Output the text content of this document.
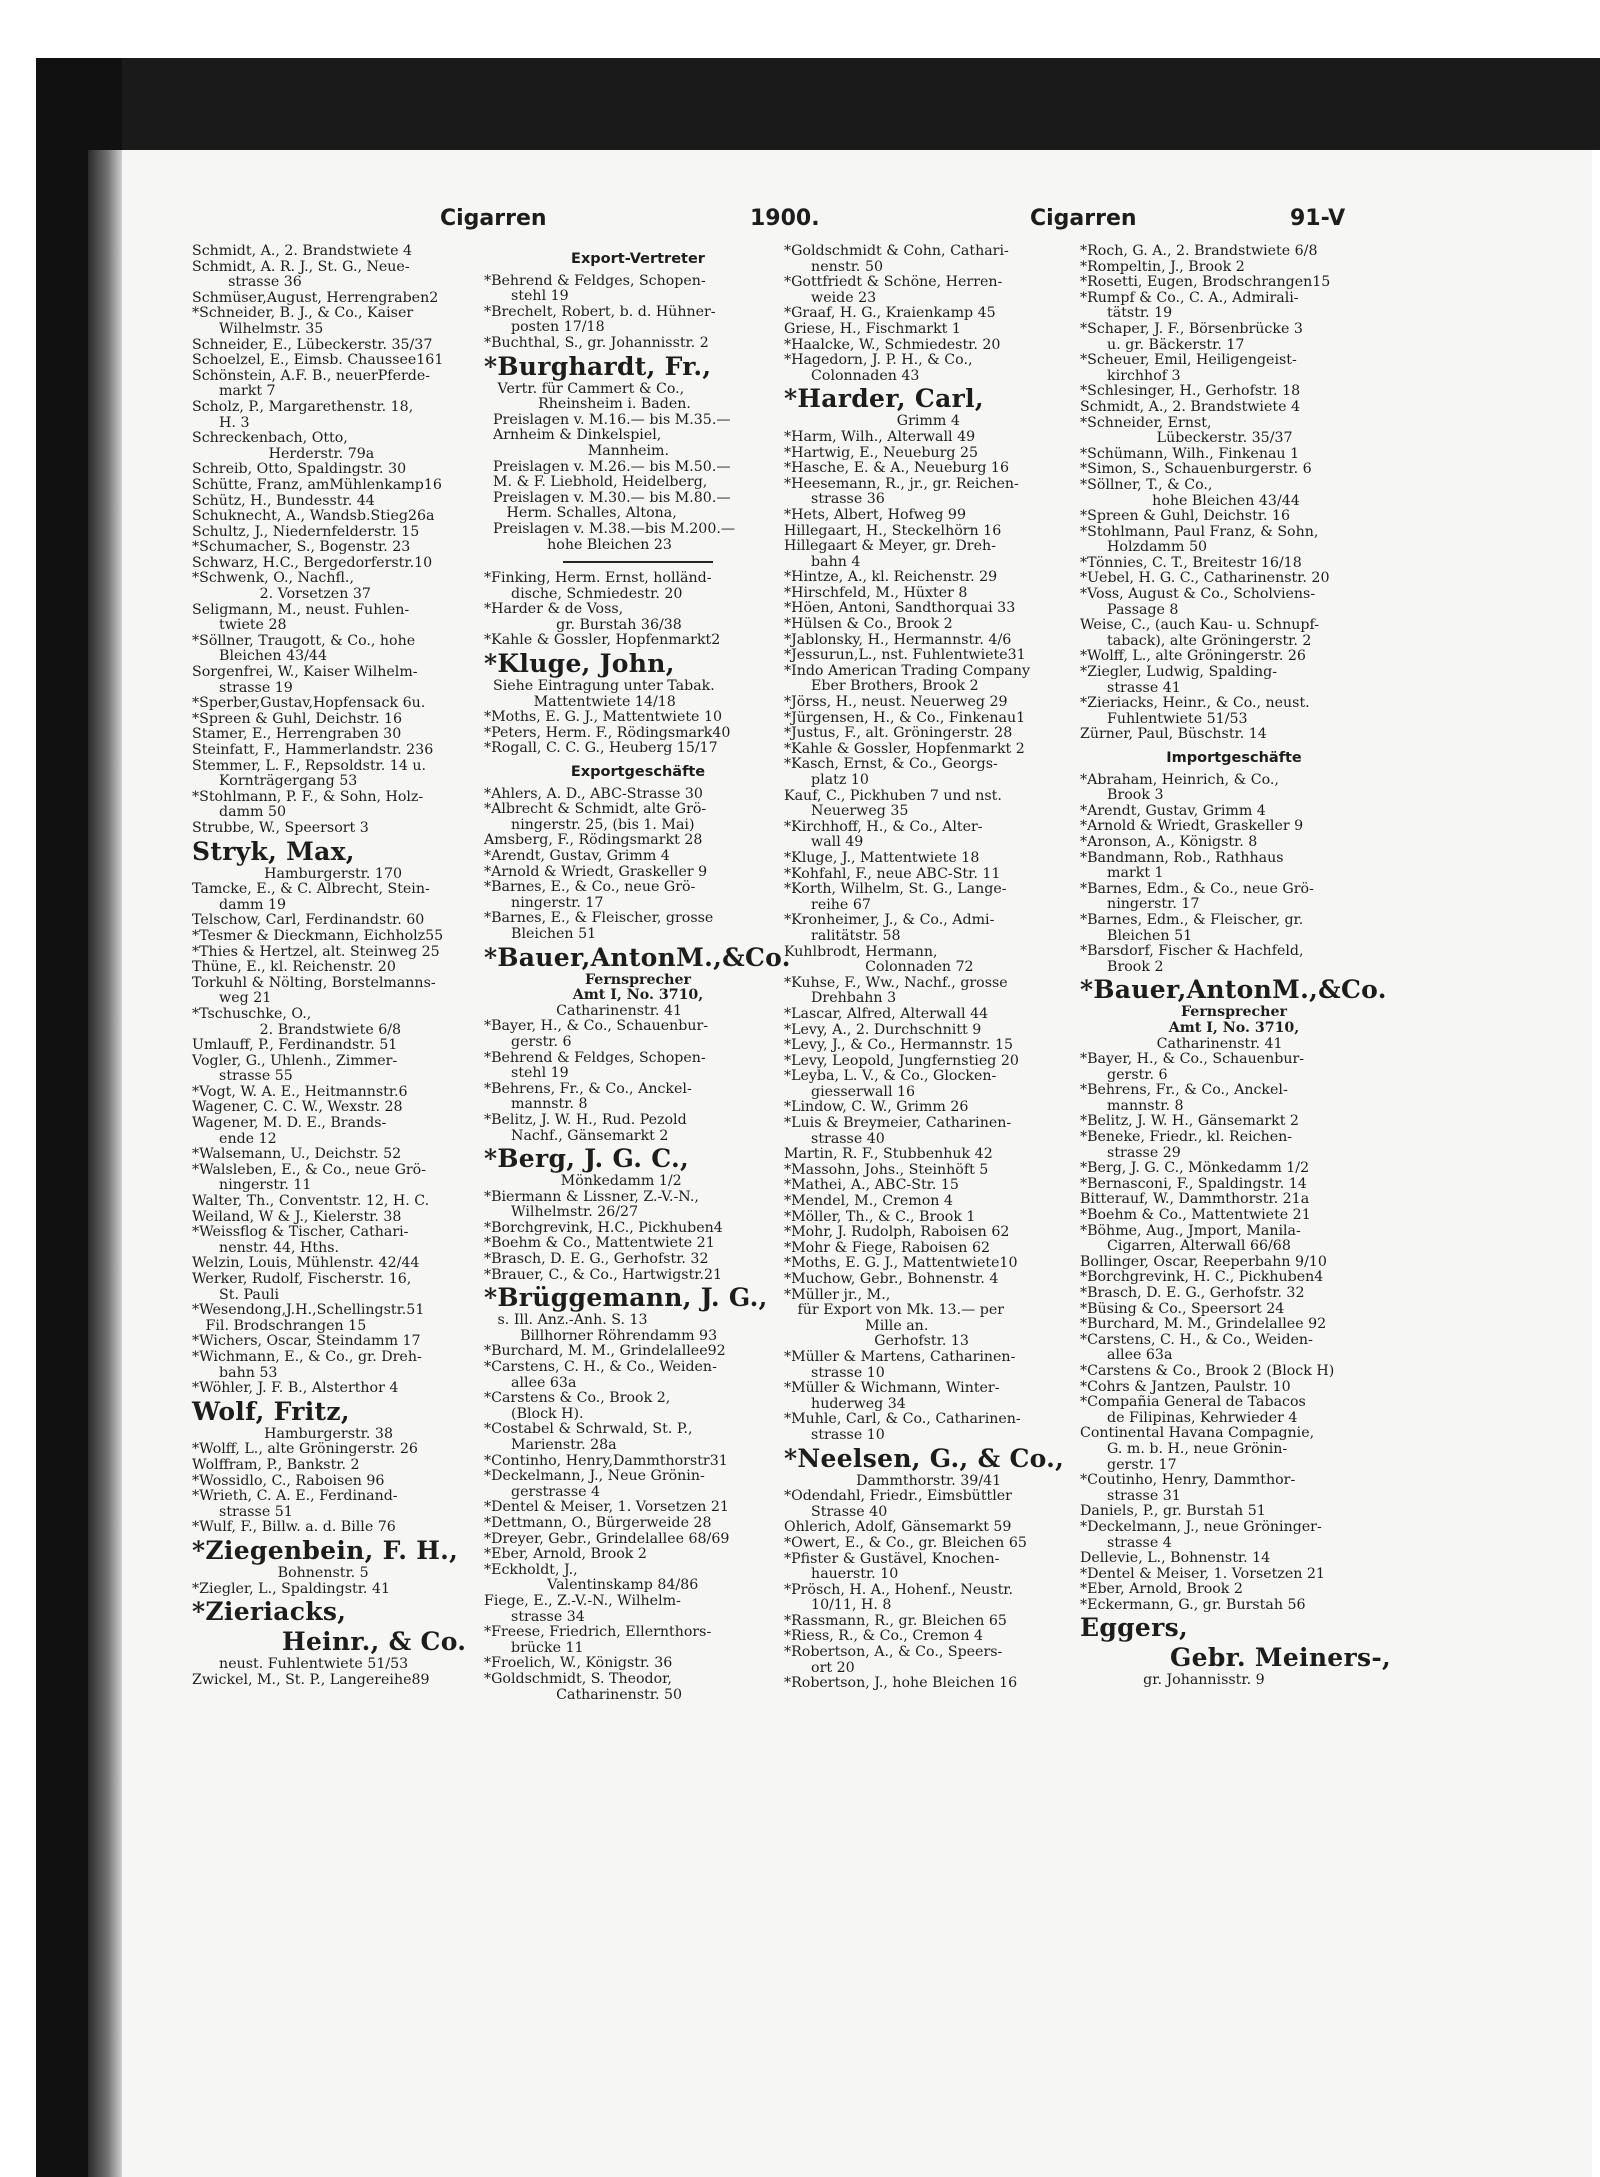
Cigarren	1900.	Cigarren	91-V
Schmidt, A., 2. Brandstwiete 4
Schmidt, A. R. J., St. G., Neue-
strasse 36
Schmüser,August, Herrengraben2
*Schneider, B. J., & Co., Kaiser
Wilhelmstr. 35
Schneider, E., Lübeckerstr. 35/37
Schoelzel, E., Eimsb. Chaussee161
Schönstein, A.F. B., neuerPferde-
markt 7
Scholz, P., Margarethenstr. 18,
H. 3
Schreckenbach, Otto,
Herderstr. 79a
Schreib, Otto, Spaldingstr. 30
Schütte, Franz, amMühlenkamp16
Schütz, H., Bundesstr. 44
Schuknecht, A., Wandsb.Stieg26a
Schultz, J., Niedernfelderstr. 15
*Schumacher, S., Bogenstr. 23
Schwarz, H.C., Bergedorferstr.10
*Schwenk, O., Nachfl.,
2. Vorsetzen 37
Seligmann, M., neust. Fuhlen-
twiete 28
*Söllner, Traugott, & Co., hohe
Bleichen 43/44
Sorgenfrei, W., Kaiser Wilhelm-
strasse 19
*Sperber,Gustav,Hopfensack 6u.
*Spreen & Guhl, Deichstr. 16
Stamer, E., Herrengraben 30
Steinfatt, F., Hammerlandstr. 236
Stemmer, L. F., Repsoldstr. 14 u.
Kornträgergang 53
*Stohlmann, P. F., & Sohn, Holz-
damm 50
Strubbe, W., Speersort 3
Stryk, Max,
Hamburgerstr. 170
Tamcke, E., & C. Albrecht, Stein-
damm 19
Telschow, Carl, Ferdinandstr. 60
*Tesmer & Dieckmann, Eichholz55
*Thies & Hertzel, alt. Steinweg 25
Thüne, E., kl. Reichenstr. 20
Torkuhl & Nölting, Borstelmanns-
weg 21
*Tschuschke, O.,
2. Brandstwiete 6/8
Umlauff, P., Ferdinandstr. 51
Vogler, G., Uhlenh., Zimmer-
strasse 55
*Vogt, W. A. E., Heitmannstr.6
Wagener, C. C. W., Wexstr. 28
Wagener, M. D. E., Brands-
ende 12
*Walsemann, U., Deichstr. 52
*Walsleben, E., & Co., neue Grö-
ningerstr. 11
Walter, Th., Conventstr. 12, H. C.
Weiland, W & J., Kielerstr. 38
*Weissflog & Tischer, Cathari-
nenstr. 44, Hths.
Welzin, Louis, Mühlenstr. 42/44
Werker, Rudolf, Fischerstr. 16,
St. Pauli
*Wesendong,J.H.,Schellingstr.51
Fil. Brodschrangen 15
*Wichers, Oscar, Steindamm 17
*Wichmann, E., & Co., gr. Dreh-
bahn 53
*Wöhler, J. F. B., Alsterthor 4
Wolf, Fritz,
Hamburgerstr. 38
*Wolff, L., alte Gröningerstr. 26
Wolffram, P., Bankstr. 2
*Wossidlo, C., Raboisen 96
*Wrieth, C. A. E., Ferdinand-
strasse 51
*Wulf, F., Billw. a. d. Bille 76
*Ziegenbein, F. H.,
Bohnenstr. 5
*Ziegler, L., Spaldingstr. 41
*Zieriacks,
Heinr., & Co.
neust. Fuhlentwiete 51/53
Zwickel, M., St. P., Langereihe89
Export-Vertreter
*Behrend & Feldges, Schopen-
stehl 19
*Brechelt, Robert, b. d. Hühner-
posten 17/18
*Buchthal, S., gr. Johannisstr. 2
*Burghardt, Fr.,
Vertr. für Cammert & Co.,
Rheinsheim i. Baden.
Preislagen v. M.16.— bis M.35.—
Arnheim & Dinkelspiel,
Mannheim.
Preislagen v. M.26.— bis M.50.—
M. & F. Liebhold, Heidelberg,
Preislagen v. M.30.— bis M.80.—
Herm. Schalles, Altona,
Preislagen v. M.38.—bis M.200.—
hohe Bleichen 23
*Finking, Herm. Ernst, holländ-
dische, Schmiedestr. 20
*Harder & de Voss,
gr. Burstah 36/38
*Kahle & Gossler, Hopfenmarkt2
*Kluge, John,
Siehe Eintragung unter Tabak.
Mattentwiete 14/18
*Moths, E. G. J., Mattentwiete 10
*Peters, Herm. F., Rödingsmark40
*Rogall, C. C. G., Heuberg 15/17
Exportgeschäfte
*Ahlers, A. D., ABC-Strasse 30
*Albrecht & Schmidt, alte Grö-
ningerstr. 25, (bis 1. Mai)
Amsberg, F., Rödingsmarkt 28
*Arendt, Gustav, Grimm 4
*Arnold & Wriedt, Graskeller 9
*Barnes, E., & Co., neue Grö-
ningerstr. 17
*Barnes, E., & Fleischer, grosse
Bleichen 51
*Bauer,AntonM.,&Co.
Fernsprecher
Amt I, No. 3710,
Catharinenstr. 41
*Bayer, H., & Co., Schauenbur-
gerstr. 6
*Behrend & Feldges, Schopen-
stehl 19
*Behrens, Fr., & Co., Anckel-
mannstr. 8
*Belitz, J. W. H., Rud. Pezold
Nachf., Gänsemarkt 2
*Berg, J. G. C.,
Mönkedamm 1/2
*Biermann & Lissner, Z.-V.-N.,
Wilhelmstr. 26/27
*Borchgrevink, H.C., Pickhuben4
*Boehm & Co., Mattentwiete 21
*Brasch, D. E. G., Gerhofstr. 32
*Brauer, C., & Co., Hartwigstr.21
*Brüggemann, J. G.,
s. Ill. Anz.-Anh. S. 13
Billhorner Röhrendamm 93
*Burchard, M. M., Grindelallee92
*Carstens, C. H., & Co., Weiden-
allee 63a
*Carstens & Co., Brook 2,
(Block H).
*Costabel & Schrwald, St. P.,
Marienstr. 28a
*Continho, Henry,Dammthorstr31
*Deckelmann, J., Neue Grönin-
gerstrasse 4
*Dentel & Meiser, 1. Vorsetzen 21
*Dettmann, O., Bürgerweide 28
*Dreyer, Gebr., Grindelallee 68/69
*Eber, Arnold, Brook 2
*Eckholdt, J.,
Valentinskamp 84/86
Fiege, E., Z.-V.-N., Wilhelm-
strasse 34
*Freese, Friedrich, Ellernthors-
brücke 11
*Froelich, W., Königstr. 36
*Goldschmidt, S. Theodor,
Catharinenstr. 50
*Goldschmidt & Cohn, Cathari-
nenstr. 50
*Gottfriedt & Schöne, Herren-
weide 23
*Graaf, H. G., Kraienkamp 45
Griese, H., Fischmarkt 1
*Haalcke, W., Schmiedestr. 20
*Hagedorn, J. P. H., & Co.,
Colonnaden 43
*Harder, Carl,
Grimm 4
*Harm, Wilh., Alterwall 49
*Hartwig, E., Neueburg 25
*Hasche, E. & A., Neueburg 16
*Heesemann, R., jr., gr. Reichen-
strasse 36
*Hets, Albert, Hofweg 99
Hillegaart, H., Steckelhörn 16
Hillegaart & Meyer, gr. Dreh-
bahn 4
*Hintze, A., kl. Reichenstr. 29
*Hirschfeld, M., Hüxter 8
*Höen, Antoni, Sandthorquai 33
*Hülsen & Co., Brook 2
*Jablonsky, H., Hermannstr. 4/6
*Jessurun,L., nst. Fuhlentwiete31
*Indo American Trading Company
Eber Brothers, Brook 2
*Jörss, H., neust. Neuerweg 29
*Jürgensen, H., & Co., Finkenau1
*Justus, F., alt. Gröningerstr. 28
*Kahle & Gossler, Hopfenmarkt 2
*Kasch, Ernst, & Co., Georgs-
platz 10
Kauf, C., Pickhuben 7 und nst.
Neuerweg 35
*Kirchhoff, H., & Co., Alter-
wall 49
*Kluge, J., Mattentwiete 18
*Kohfahl, F., neue ABC-Str. 11
*Korth, Wilhelm, St. G., Lange-
reihe 67
*Kronheimer, J., & Co., Admi-
ralitätstr. 58
Kuhlbrodt, Hermann,
Colonnaden 72
*Kuhse, F., Ww., Nachf., grosse
Drehbahn 3
*Lascar, Alfred, Alterwall 44
*Levy, A., 2. Durchschnitt 9
*Levy, J., & Co., Hermannstr. 15
*Levy, Leopold, Jungfernstieg 20
*Leyba, L. V., & Co., Glocken-
giesserwall 16
*Lindow, C. W., Grimm 26
*Luis & Breymeier, Catharinen-
strasse 40
Martin, R. F., Stubbenhuk 42
*Massohn, Johs., Steinhöft 5
*Mathei, A., ABC-Str. 15
*Mendel, M., Cremon 4
*Möller, Th., & C., Brook 1
*Mohr, J. Rudolph, Raboisen 62
*Mohr & Fiege, Raboisen 62
*Moths, E. G. J., Mattentwiete10
*Muchow, Gebr., Bohnenstr. 4
*Müller jr., M.,
für Export von Mk. 13.— per
Mille an.
Gerhofstr. 13
*Müller & Martens, Catharinen-
strasse 10
*Müller & Wichmann, Winter-
huderweg 34
*Muhle, Carl, & Co., Catharinen-
strasse 10
*Neelsen, G., & Co.,
Dammthorstr. 39/41
*Odendahl, Friedr., Eimsbüttler
Strasse 40
Ohlerich, Adolf, Gänsemarkt 59
*Owert, E., & Co., gr. Bleichen 65
*Pfister & Gustävel, Knochen-
hauerstr. 10
*Prösch, H. A., Hohenf., Neustr.
10/11, H. 8
*Rassmann, R., gr. Bleichen 65
*Riess, R., & Co., Cremon 4
*Robertson, A., & Co., Speers-
ort 20
*Robertson, J., hohe Bleichen 16
*Roch, G. A., 2. Brandstwiete 6/8
*Rompeltin, J., Brook 2
*Rosetti, Eugen, Brodschrangen15
*Rumpf & Co., C. A., Admirali-
tätstr. 19
*Schaper, J. F., Börsenbrücke 3
u. gr. Bäckerstr. 17
*Scheuer, Emil, Heiligengeist-
kirchhof 3
*Schlesinger, H., Gerhofstr. 18
Schmidt, A., 2. Brandstwiete 4
*Schneider, Ernst,
Lübeckerstr. 35/37
*Schümann, Wilh., Finkenau 1
*Simon, S., Schauenburgerstr. 6
*Söllner, T., & Co.,
hohe Bleichen 43/44
*Spreen & Guhl, Deichstr. 16
*Stohlmann, Paul Franz, & Sohn,
Holzdamm 50
*Tönnies, C. T., Breitestr 16/18
*Uebel, H. G. C., Catharinenstr. 20
*Voss, August & Co., Scholviens-
Passage 8
Weise, C., (auch Kau- u. Schnupf-
taback), alte Gröningerstr. 2
*Wolff, L., alte Gröningerstr. 26
*Ziegler, Ludwig, Spalding-
strasse 41
*Zieriacks, Heinr., & Co., neust.
Fuhlentwiete 51/53
Zürner, Paul, Büschstr. 14
Importgeschäfte
*Abraham, Heinrich, & Co.,
Brook 3
*Arendt, Gustav, Grimm 4
*Arnold & Wriedt, Graskeller 9
*Aronson, A., Königstr. 8
*Bandmann, Rob., Rathhaus
markt 1
*Barnes, Edm., & Co., neue Grö-
ningerstr. 17
*Barnes, Edm., & Fleischer, gr.
Bleichen 51
*Barsdorf, Fischer & Hachfeld,
Brook 2
*Bauer,AntonM.,&Co.
Fernsprecher
Amt I, No. 3710,
Catharinenstr. 41
*Bayer, H., & Co., Schauenbur-
gerstr. 6
*Behrens, Fr., & Co., Anckel-
mannstr. 8
*Belitz, J. W. H., Gänsemarkt 2
*Beneke, Friedr., kl. Reichen-
strasse 29
*Berg, J. G. C., Mönkedamm 1/2
*Bernasconi, F., Spaldingstr. 14
Bitterauf, W., Dammthorstr. 21a
*Boehm & Co., Mattentwiete 21
*Böhme, Aug., Jmport, Manila-
Cigarren, Alterwall 66/68
Bollinger, Oscar, Reeperbahn 9/10
*Borchgrevink, H. C., Pickhuben4
*Brasch, D. E. G., Gerhofstr. 32
*Büsing & Co., Speersort 24
*Burchard, M. M., Grindelallee 92
*Carstens, C. H., & Co., Weiden-
allee 63a
*Carstens & Co., Brook 2 (Block H)
*Cohrs & Jantzen, Paulstr. 10
*Compañia General de Tabacos
de Filipinas, Kehrwieder 4
Continental Havana Compagnie,
G. m. b. H., neue Grönin-
gerstr. 17
*Coutinho, Henry, Dammthor-
strasse 31
Daniels, P., gr. Burstah 51
*Deckelmann, J., neue Gröninger-
strasse 4
Dellevie, L., Bohnenstr. 14
*Dentel & Meiser, 1. Vorsetzen 21
*Eber, Arnold, Brook 2
*Eckermann, G., gr. Burstah 56
Eggers,
Gebr. Meiners-,
gr. Johannisstr. 9
